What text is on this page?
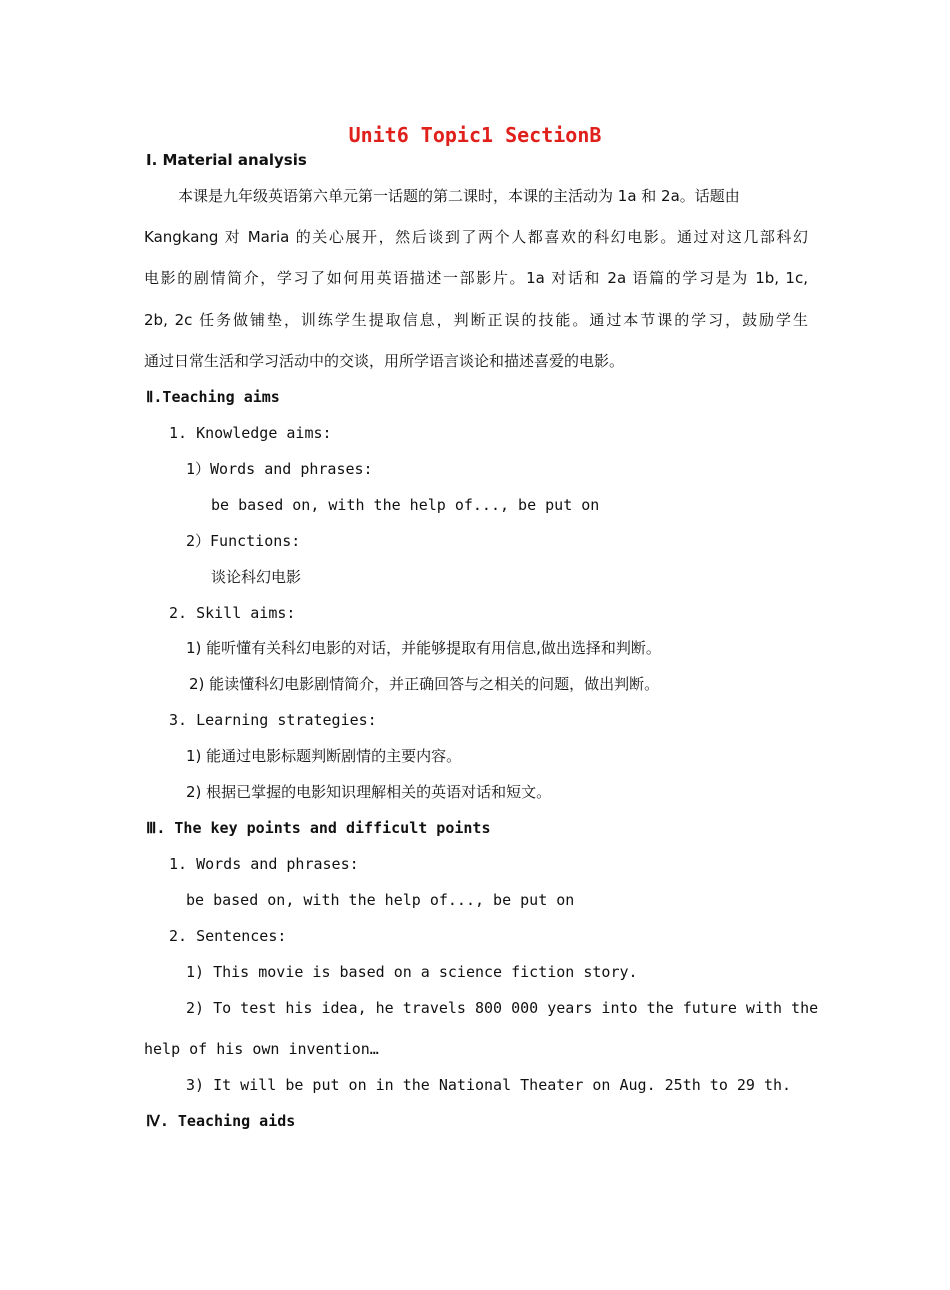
Unit6 Topic1 SectionB
Ⅰ. Material analysis
本课是九年级英语第六单元第一话题的第二课时，本课的主活动为 1a 和 2a。话题由
Kangkang 对 Maria 的关心展开，然后谈到了两个人都喜欢的科幻电影。通过对这几部科幻
电影的剧情简介，学习了如何用英语描述一部影片。1a 对话和 2a 语篇的学习是为 1b, 1c,
2b, 2c 任务做铺垫，训练学生提取信息，判断正误的技能。通过本节课的学习，鼓励学生
通过日常生活和学习活动中的交谈，用所学语言谈论和描述喜爱的电影。
Ⅱ.Teaching aims
1. Knowledge aims:
1）Words and phrases:
be based on, with the help of..., be put on
2）Functions:
谈论科幻电影
2. Skill aims:
1) 能听懂有关科幻电影的对话，并能够提取有用信息,做出选择和判断。
2) 能读懂科幻电影剧情简介，并正确回答与之相关的问题，做出判断。
3. Learning strategies:
1) 能通过电影标题判断剧情的主要内容。
2) 根据已掌握的电影知识理解相关的英语对话和短文。
Ⅲ. The key points and difficult points
1. Words and phrases:
be based on, with the help of..., be put on
2. Sentences:
1) This movie is based on a science fiction story.
2) To test his idea, he travels 800 000 years into the future with the
help of his own invention…
3) It will be put on in the National Theater on Aug. 25th to 29 th.
Ⅳ. Teaching aids
